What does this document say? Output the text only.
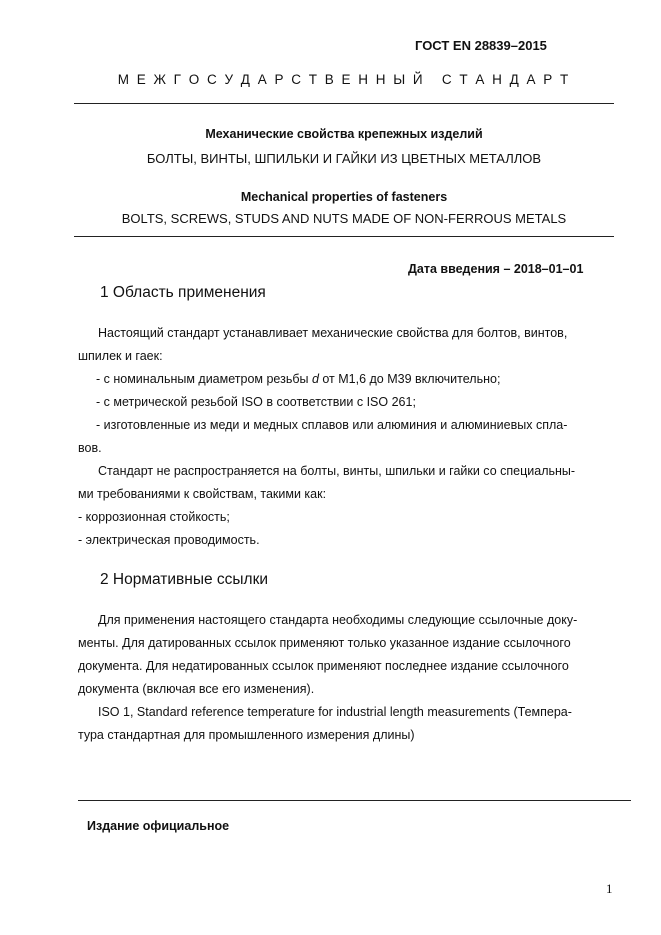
ГОСТ EN 28839–2015
М Е Ж Г О С У Д А Р С Т В Е Н Н Ы Й   С Т А Н Д А Р Т
Механические свойства крепежных изделий
БОЛТЫ, ВИНТЫ, ШПИЛЬКИ И ГАЙКИ ИЗ ЦВЕТНЫХ МЕТАЛЛОВ
Mechanical properties of fasteners
BOLTS, SCREWS, STUDS AND NUTS MADE OF NON-FERROUS METALS
Дата введения – 2018–01–01
1 Область применения
Настоящий стандарт устанавливает механические свойства для болтов, винтов,
шпилек и гаек:
- с номинальным диаметром резьбы d от М1,6 до М39 включительно;
- с метрической резьбой ISO в соответствии с ISO 261;
- изготовленные из меди и медных сплавов или алюминия и алюминиевых спла-
вов.
Стандарт не распространяется на болты, винты, шпильки и гайки со специальны-
ми требованиями к свойствам, такими как:
- коррозионная стойкость;
- электрическая проводимость.
2 Нормативные ссылки
Для применения настоящего стандарта необходимы следующие ссылочные доку-
менты. Для датированных ссылок применяют только указанное издание ссылочного
документа. Для недатированных ссылок применяют последнее издание ссылочного
документа (включая все его изменения).
ISO 1, Standard reference temperature for industrial length measurements (Темпера-
тура стандартная для промышленного измерения длины)
Издание официальное
1
